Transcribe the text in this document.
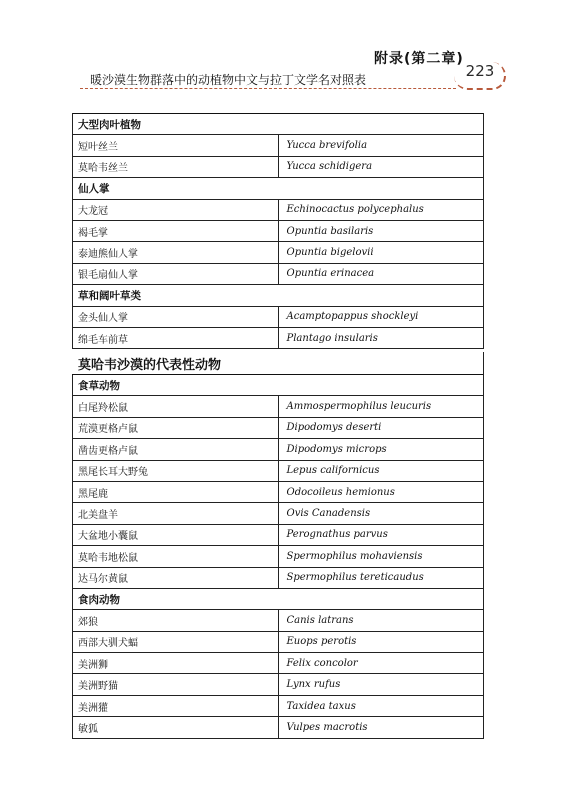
附录(第二章)
暖沙漠生物群落中的动植物中文与拉丁文学名对照表	223
大型肉叶植物	
短叶丝兰	Yucca brevifolia
莫哈韦丝兰	Yucca schidigera
仙人掌	
大龙冠	Echinocactus polycephalus
褐毛掌	Opuntia basilaris
泰迪熊仙人掌	Opuntia bigelovii
银毛扇仙人掌	Opuntia erinacea
草和阔叶草类	
金头仙人掌	Acamptopappus shockleyi
绵毛车前草	Plantago insularis
莫哈韦沙漠的代表性动物	
食草动物	
白尾羚松鼠	Ammospermophilus leucuris
荒漠更格卢鼠	Dipodomys deserti
凿齿更格卢鼠	Dipodomys microps
黑尾长耳大野兔	Lepus californicus
黑尾鹿	Odocoileus hemionus
北美盘羊	Ovis Canadensis
大盆地小囊鼠	Perognathus parvus
莫哈韦地松鼠	Spermophilus mohaviensis
达马尔黄鼠	Spermophilus tereticaudus
食肉动物	
郊狼	Canis latrans
西部大驯犬蝠	Euops perotis
美洲狮	Felix concolor
美洲野猫	Lynx rufus
美洲獾	Taxidea taxus
敏狐	Vulpes macrotis
